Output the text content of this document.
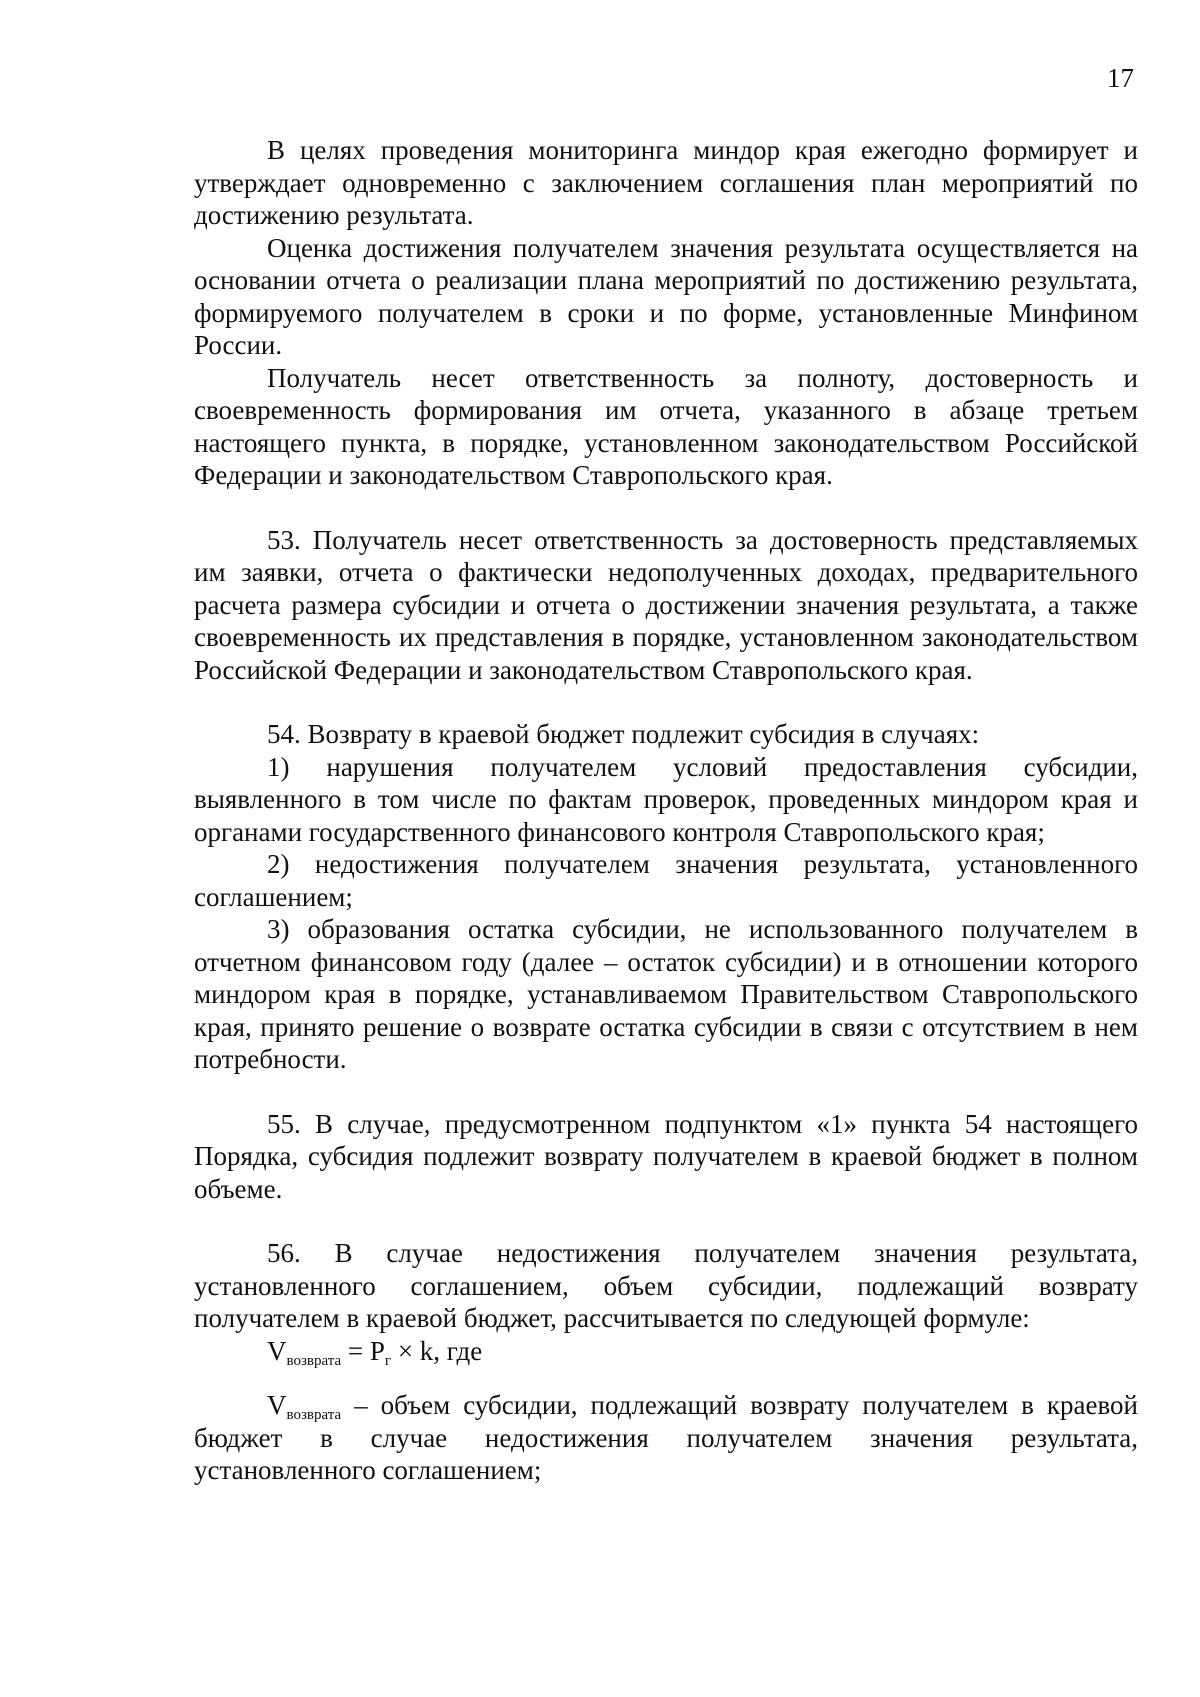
17

В целях проведения мониторинга миндор края ежегодно формирует и утверждает одновременно с заключением соглашения план мероприятий по достижению результата.

Оценка достижения получателем значения результата осуществляется на основании отчета о реализации плана мероприятий по достижению результата, формируемого получателем в сроки и по форме, установленные Минфином России.

Получатель несет ответственность за полноту, достоверность и своевременность формирования им отчета, указанного в абзаце третьем настоящего пункта, в порядке, установленном законодательством Российской Федерации и законодательством Ставропольского края.

53. Получатель несет ответственность за достоверность представляемых им заявки, отчета о фактически недополученных доходах, предварительного расчета размера субсидии и отчета о достижении значения результата, а также своевременность их представления в порядке, установленном законодательством Российской Федерации и законодательством Ставропольского края.

54. Возврату в краевой бюджет подлежит субсидия в случаях:

1) нарушения получателем условий предоставления субсидии, выявленного в том числе по фактам проверок, проведенных миндором края и органами государственного финансового контроля Ставропольского края;

2) недостижения получателем значения результата, установленного соглашением;

3) образования остатка субсидии, не использованного получателем в отчетном финансовом году (далее – остаток субсидии) и в отношении которого миндором края в порядке, устанавливаемом Правительством Ставропольского края, принято решение о возврате остатка субсидии в связи с отсутствием в нем потребности.

55. В случае, предусмотренном подпунктом «1» пункта 54 настоящего Порядка, субсидия подлежит возврату получателем в краевой бюджет в полном объеме.

56. В случае недостижения получателем значения результата, установленного соглашением, объем субсидии, подлежащий возврату получателем в краевой бюджет, рассчитывается по следующей формуле:

$V_{возврата} = P_г \times k$, где

$V_{возврата}$ – объем субсидии, подлежащий возврату получателем в краевой бюджет в случае недостижения получателем значения результата, установленного соглашением;
